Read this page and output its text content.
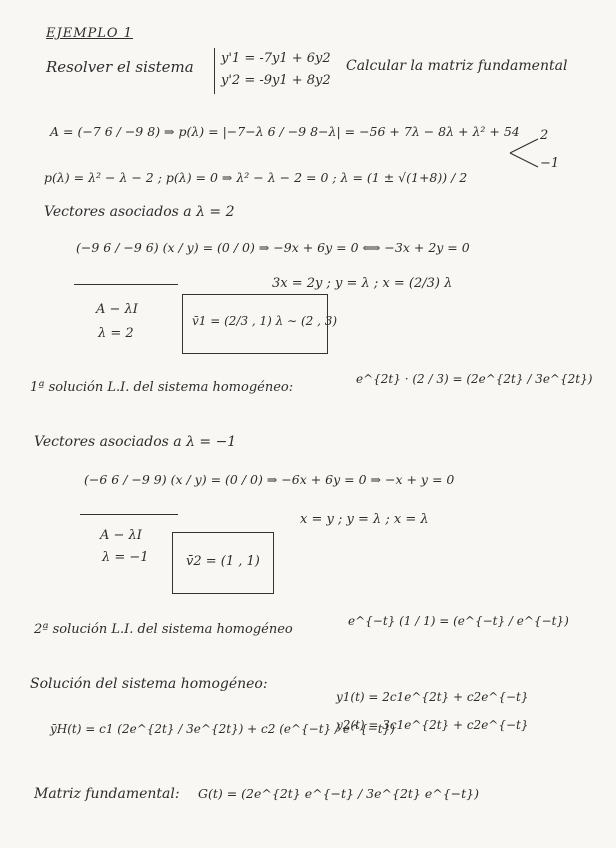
EJEMPLO 1
Resolver el sistema y'1 = -7y1 + 6y2
y'2 = -9y1 + 8y2
Calcular la matriz fundamental
A = (−7 6 / −9 8) ⇒ p(λ) = |−7−λ 6 / −9 8−λ| = −56 + 7λ − 8λ + λ² + 54
p(λ) = λ² − λ − 2 ; p(λ) = 0 ⇒ λ² − λ − 2 = 0 ; λ = (1 ± √(1+8)) / 2
2
−1
Vectores asociados a λ = 2
(−9 6 / −9 6) (x / y) = (0 / 0) ⇒ −9x + 6y = 0 ⟺ −3x + 2y = 0
A − λI
λ = 2
3x = 2y ; y = λ ; x = (2/3) λ
v̄1 = (2/3 , 1) λ ∼ (2 , 3)
1ª solución L.I. del sistema homogéneo:
e^{2t} · (2 / 3) = (2e^{2t} / 3e^{2t})
Vectores asociados a λ = −1
(−6 6 / −9 9) (x / y) = (0 / 0) ⇒ −6x + 6y = 0 ⇒ −x + y = 0
A − λI
λ = −1
x = y ; y = λ ; x = λ
v̄2 = (1 , 1)
2ª solución L.I. del sistema homogéneo
e^{−t} (1 / 1) = (e^{−t} / e^{−t})
Solución del sistema homogéneo:
ȳH(t) = c1 (2e^{2t} / 3e^{2t}) + c2 (e^{−t} / e^{−t})
y1(t) = 2c1e^{2t} + c2e^{−t}
y2(t) = 3c1e^{2t} + c2e^{−t}
Matriz fundamental: G(t) = (2e^{2t} e^{−t} / 3e^{2t} e^{−t})
